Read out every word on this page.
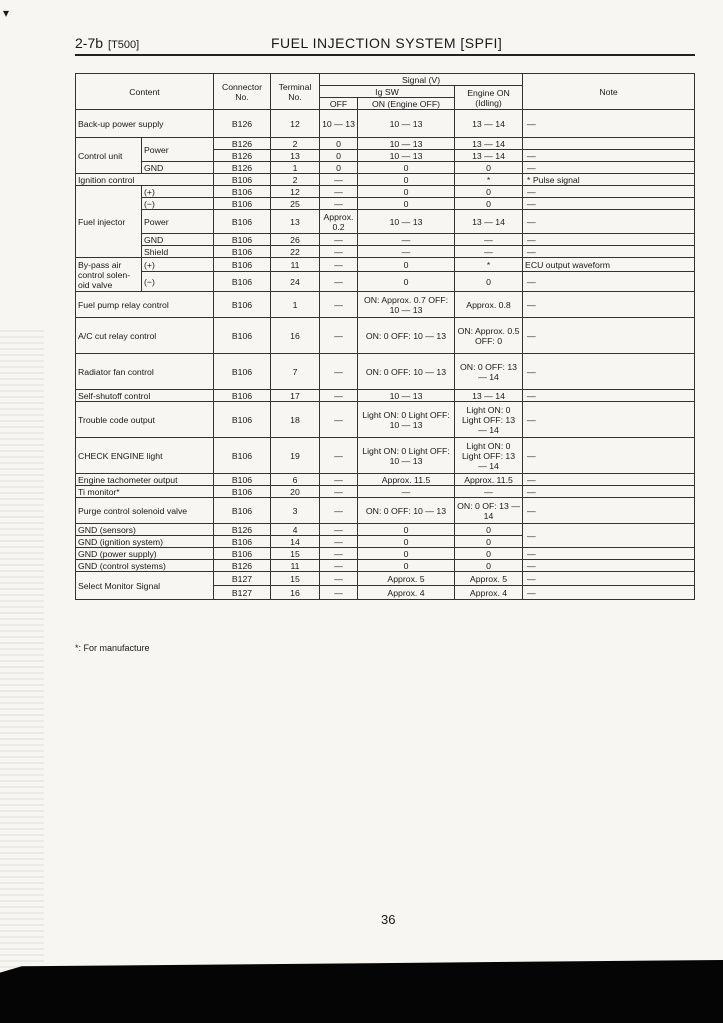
▾
2-7b [T500]	FUEL INJECTION SYSTEM [SPFI]
Content		Connector No.	Terminal No.	Signal (V)			Note
				Ig SW		Engine ON (Idling)	
				OFF	ON (Engine OFF)		
Back-up power supply		B126	12	10 — 13	10 — 13	13 — 14	—
Control unit	Power	B126	2	0	10 — 13	13 — 14	
		B126	13	0	10 — 13	13 — 14	—
	GND	B126	1	0	0	0	—
Ignition control		B106	2	—	0	*	* Pulse signal
Fuel injector	(+)	B106	12	—	0	0	—
	(−)	B106	25	—	0	0	—
	Power	B106	13	Approx. 0.2	10 — 13	13 — 14	—
	GND	B106	26	—	—	—	—
	Shield	B106	22	—	—	—	—
By-pass air control solen-oid valve	(+)	B106	11	—	0	*	ECU output waveform
	(−)	B106	24	—	0	0	—
Fuel pump relay control		B106	1	—	ON: Approx. 0.7 OFF: 10 — 13	Approx. 0.8	—
A/C cut relay control		B106	16	—	ON: 0 OFF: 10 — 13	ON: Approx. 0.5 OFF: 0	—
Radiator fan control		B106	7	—	ON: 0 OFF: 10 — 13	ON: 0 OFF: 13 — 14	—
Self-shutoff control		B106	17	—	10 — 13	13 — 14	—
Trouble code output		B106	18	—	Light ON: 0 Light OFF: 10 — 13	Light ON: 0 Light OFF: 13 — 14	—
CHECK ENGINE light		B106	19	—	Light ON: 0 Light OFF: 10 — 13	Light ON: 0 Light OFF: 13 — 14	—
Engine tachometer output		B106	6	—	Approx. 11.5	Approx. 11.5	—
Ti monitor*		B106	20	—	—	—	—
Purge control solenoid valve		B106	3	—	ON: 0 OFF: 10 — 13	ON: 0 OF: 13 — 14	—
GND (sensors)		B126	4	—	0	0	—
GND (ignition system)		B106	14	—	0	0	
GND (power supply)		B106	15	—	0	0	—
GND (control systems)		B126	11	—	0	0	—
Select Monitor Signal		B127	15	—	Approx. 5	Approx. 5	—
		B127	16	—	Approx. 4	Approx. 4	—
*: For manufacture
36
